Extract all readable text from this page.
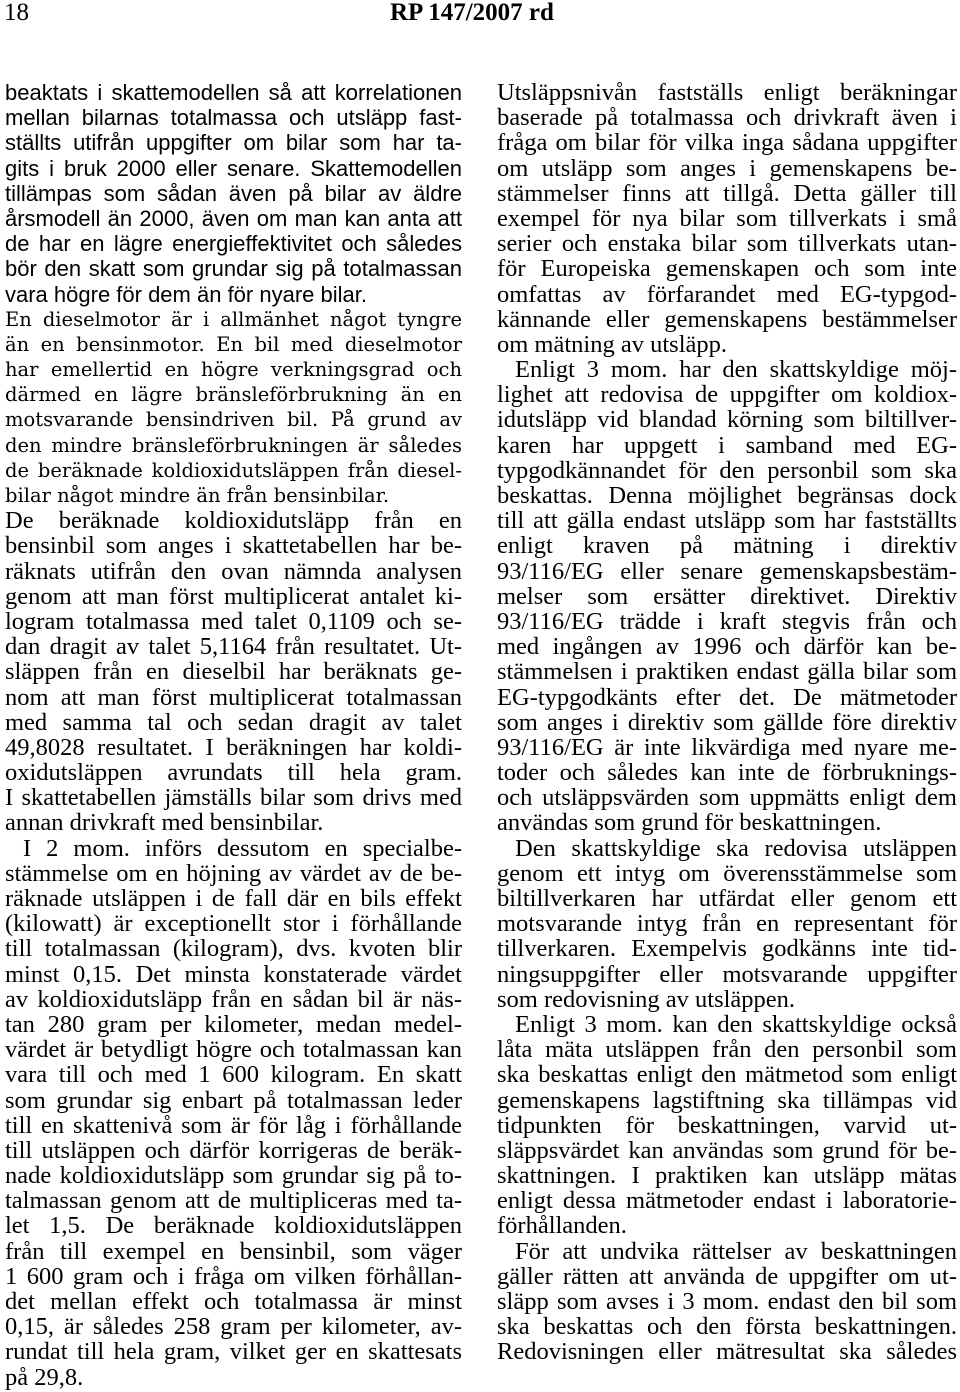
18	RP 147/2007 rd
beaktats i skattemodellen så att korrelationen
mellan bilarnas totalmassa och utsläpp fast-
ställts utifrån uppgifter om bilar som har ta-
gits i bruk 2000 eller senare. Skattemodellen
tillämpas som sådan även på bilar av äldre
årsmodell än 2000, även om man kan anta att
de har en lägre energieffektivitet och således
bör den skatt som grundar sig på totalmassan
vara högre för dem än för nyare bilar.
En dieselmotor är i allmänhet något tyngre
än en bensinmotor. En bil med dieselmotor
har emellertid en högre verkningsgrad och
därmed en lägre bränsleförbrukning än en
motsvarande bensindriven bil. På grund av
den mindre bränsleförbrukningen är således
de beräknade koldioxidutsläppen från diesel-
bilar något mindre än från bensinbilar.
De beräknade koldioxidutsläpp från en
bensinbil som anges i skattetabellen har be-
räknats utifrån den ovan nämnda analysen
genom att man först multiplicerat antalet ki-
logram totalmassa med talet 0,1109 och se-
dan dragit av talet 5,1164 från resultatet. Ut-
släppen från en dieselbil har beräknats ge-
nom att man först multiplicerat totalmassan
med samma tal och sedan dragit av talet
49,8028 resultatet. I beräkningen har koldi-
oxidutsläppen avrundats till hela gram.
I skattetabellen jämställs bilar som drivs med
annan drivkraft med bensinbilar.
I 2 mom. införs dessutom en specialbe-
stämmelse om en höjning av värdet av de be-
räknade utsläppen i de fall där en bils effekt
(kilowatt) är exceptionellt stor i förhållande
till totalmassan (kilogram), dvs. kvoten blir
minst 0,15. Det minsta konstaterade värdet
av koldioxidutsläpp från en sådan bil är näs-
tan 280 gram per kilometer, medan medel-
värdet är betydligt högre och totalmassan kan
vara till och med 1 600 kilogram. En skatt
som grundar sig enbart på totalmassan leder
till en skattenivå som är för låg i förhållande
till utsläppen och därför korrigeras de beräk-
nade koldioxidutsläpp som grundar sig på to-
talmassan genom att de multipliceras med ta-
let 1,5. De beräknade koldioxidutsläppen
från till exempel en bensinbil, som väger
1 600 gram och i fråga om vilken förhållan-
det mellan effekt och totalmassa är minst
0,15, är således 258 gram per kilometer, av-
rundat till hela gram, vilket ger en skattesats
på 29,8.
Utsläppsnivån fastställs enligt beräkningar
baserade på totalmassa och drivkraft även i
fråga om bilar för vilka inga sådana uppgifter
om utsläpp som anges i gemenskapens be-
stämmelser finns att tillgå. Detta gäller till
exempel för nya bilar som tillverkats i små
serier och enstaka bilar som tillverkats utan-
för Europeiska gemenskapen och som inte
omfattas av förfarandet med EG-typgod-
kännande eller gemenskapens bestämmelser
om mätning av utsläpp.
Enligt 3 mom. har den skattskyldige möj-
lighet att redovisa de uppgifter om koldiox-
idutsläpp vid blandad körning som biltillver-
karen har uppgett i samband med EG-
typgodkännandet för den personbil som ska
beskattas. Denna möjlighet begränsas dock
till att gälla endast utsläpp som har fastställts
enligt kraven på mätning i direktiv
93/116/EG eller senare gemenskapsbestäm-
melser som ersätter direktivet. Direktiv
93/116/EG trädde i kraft stegvis från och
med ingången av 1996 och därför kan be-
stämmelsen i praktiken endast gälla bilar som
EG-typgodkänts efter det. De mätmetoder
som anges i direktiv som gällde före direktiv
93/116/EG är inte likvärdiga med nyare me-
toder och således kan inte de förbruknings-
och utsläppsvärden som uppmätts enligt dem
användas som grund för beskattningen.
Den skattskyldige ska redovisa utsläppen
genom ett intyg om överensstämmelse som
biltillverkaren har utfärdat eller genom ett
motsvarande intyg från en representant för
tillverkaren. Exempelvis godkänns inte tid-
ningsuppgifter eller motsvarande uppgifter
som redovisning av utsläppen.
Enligt 3 mom. kan den skattskyldige också
låta mäta utsläppen från den personbil som
ska beskattas enligt den mätmetod som enligt
gemenskapens lagstiftning ska tillämpas vid
tidpunkten för beskattningen, varvid ut-
släppsvärdet kan användas som grund för be-
skattningen. I praktiken kan utsläpp mätas
enligt dessa mätmetoder endast i laboratorie-
förhållanden.
För att undvika rättelser av beskattningen
gäller rätten att använda de uppgifter om ut-
släpp som avses i 3 mom. endast den bil som
ska beskattas och den första beskattningen.
Redovisningen eller mätresultat ska således
